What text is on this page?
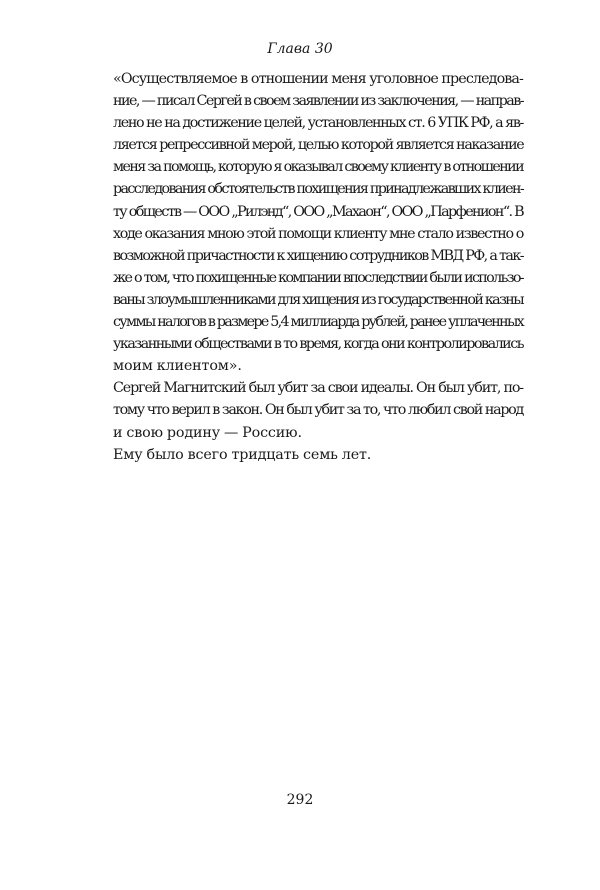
Глава 30

«Осуществляемое в отношении меня уголовное преследова-
ние, — писал Сергей в своем заявлении из заключения, — направ-
лено не на достижение целей, установленных ст. 6 УПК РФ, а яв-
ляется репрессивной мерой, целью которой является наказание
меня за помощь, которую я оказывал своему клиенту в отношении
расследования обстоятельств похищения принадлежавших клиен-
ту обществ — ООО „Рилэнд“, ООО „Махаон“, ООО „Парфенион“. В
ходе оказания мною этой помощи клиенту мне стало известно о
возможной причастности к хищению сотрудников МВД РФ, а так-
же о том, что похищенные компании впоследствии были использо-
ваны злоумышленниками для хищения из государственной казны
суммы налогов в размере 5,4 миллиарда рублей, ранее уплаченных
указанными обществами в то время, когда они контролировались
моим клиентом».

Сергей Магнитский был убит за свои идеалы. Он был убит, по-
тому что верил в закон. Он был убит за то, что любил свой народ
и свою родину — Россию.

Ему было всего тридцать семь лет.

292
